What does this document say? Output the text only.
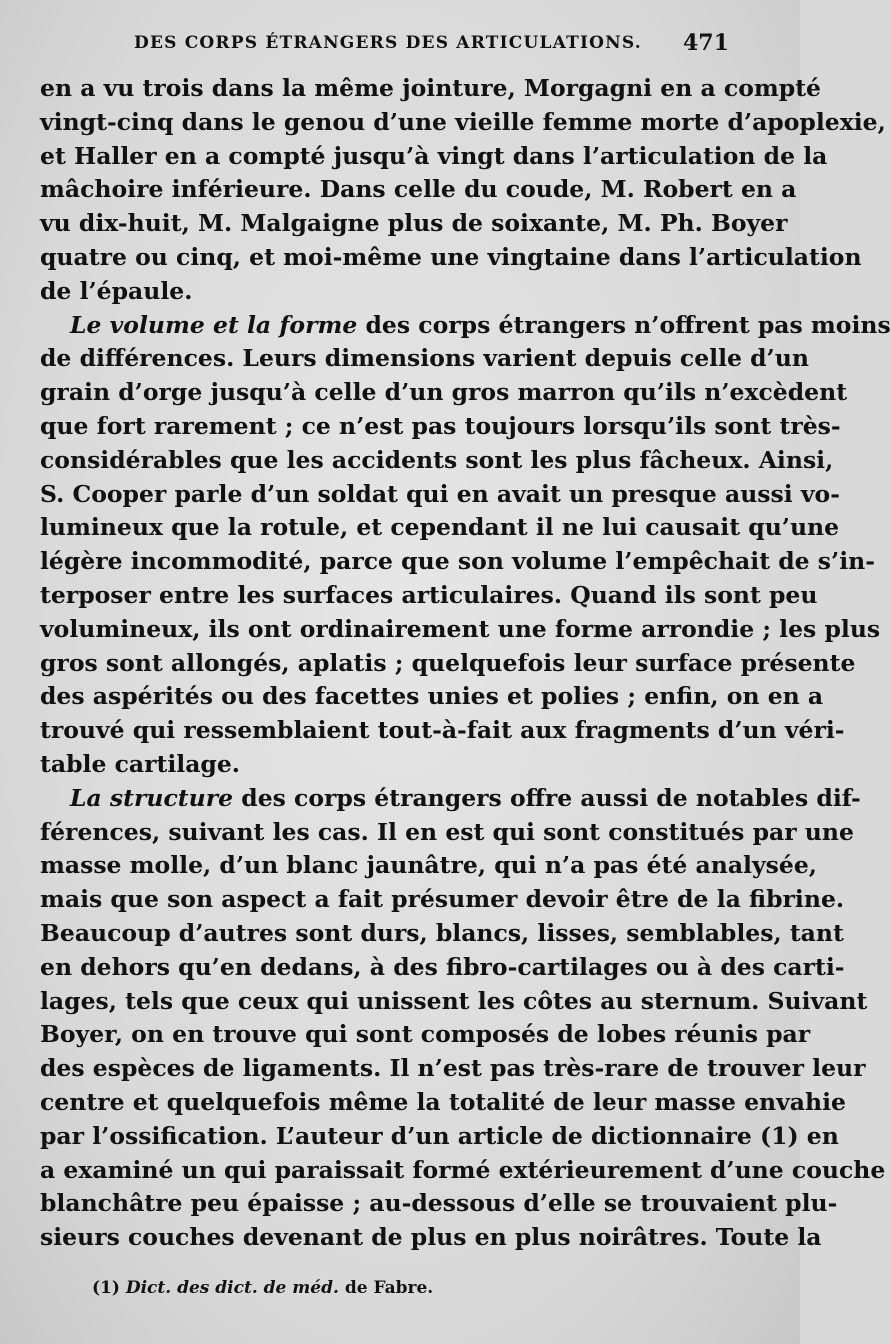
DES CORPS ÉTRANGERS DES ARTICULATIONS. 471
en a vu trois dans la même jointure, Morgagni en a compté
vingt-cinq dans le genou d’une vieille femme morte d’apoplexie,
et Haller en a compté jusqu’à vingt dans l’articulation de la
mâchoire inférieure. Dans celle du coude, M. Robert en a
vu dix-huit, M. Malgaigne plus de soixante, M. Ph. Boyer
quatre ou cinq, et moi-même une vingtaine dans l’articulation
de l’épaule.
Le volume et la forme des corps étrangers n’offrent pas moins
de différences. Leurs dimensions varient depuis celle d’un
grain d’orge jusqu’à celle d’un gros marron qu’ils n’excèdent
que fort rarement ; ce n’est pas toujours lorsqu’ils sont très-
considérables que les accidents sont les plus fâcheux. Ainsi,
S. Cooper parle d’un soldat qui en avait un presque aussi vo-
lumineux que la rotule, et cependant il ne lui causait qu’une
légère incommodité, parce que son volume l’empêchait de s’in-
terposer entre les surfaces articulaires. Quand ils sont peu
volumineux, ils ont ordinairement une forme arrondie ; les plus
gros sont allongés, aplatis ; quelquefois leur surface présente
des aspérités ou des facettes unies et polies ; enfin, on en a
trouvé qui ressemblaient tout-à-fait aux fragments d’un véri-
table cartilage.
La structure des corps étrangers offre aussi de notables dif-
férences, suivant les cas. Il en est qui sont constitués par une
masse molle, d’un blanc jaunâtre, qui n’a pas été analysée,
mais que son aspect a fait présumer devoir être de la fibrine.
Beaucoup d’autres sont durs, blancs, lisses, semblables, tant
en dehors qu’en dedans, à des fibro-cartilages ou à des carti-
lages, tels que ceux qui unissent les côtes au sternum. Suivant
Boyer, on en trouve qui sont composés de lobes réunis par
des espèces de ligaments. Il n’est pas très-rare de trouver leur
centre et quelquefois même la totalité de leur masse envahie
par l’ossification. L’auteur d’un article de dictionnaire (1) en
a examiné un qui paraissait formé extérieurement d’une couche
blanchâtre peu épaisse ; au-dessous d’elle se trouvaient plu-
sieurs couches devenant de plus en plus noirâtres. Toute la
(1) Dict. des dict. de méd. de Fabre.
